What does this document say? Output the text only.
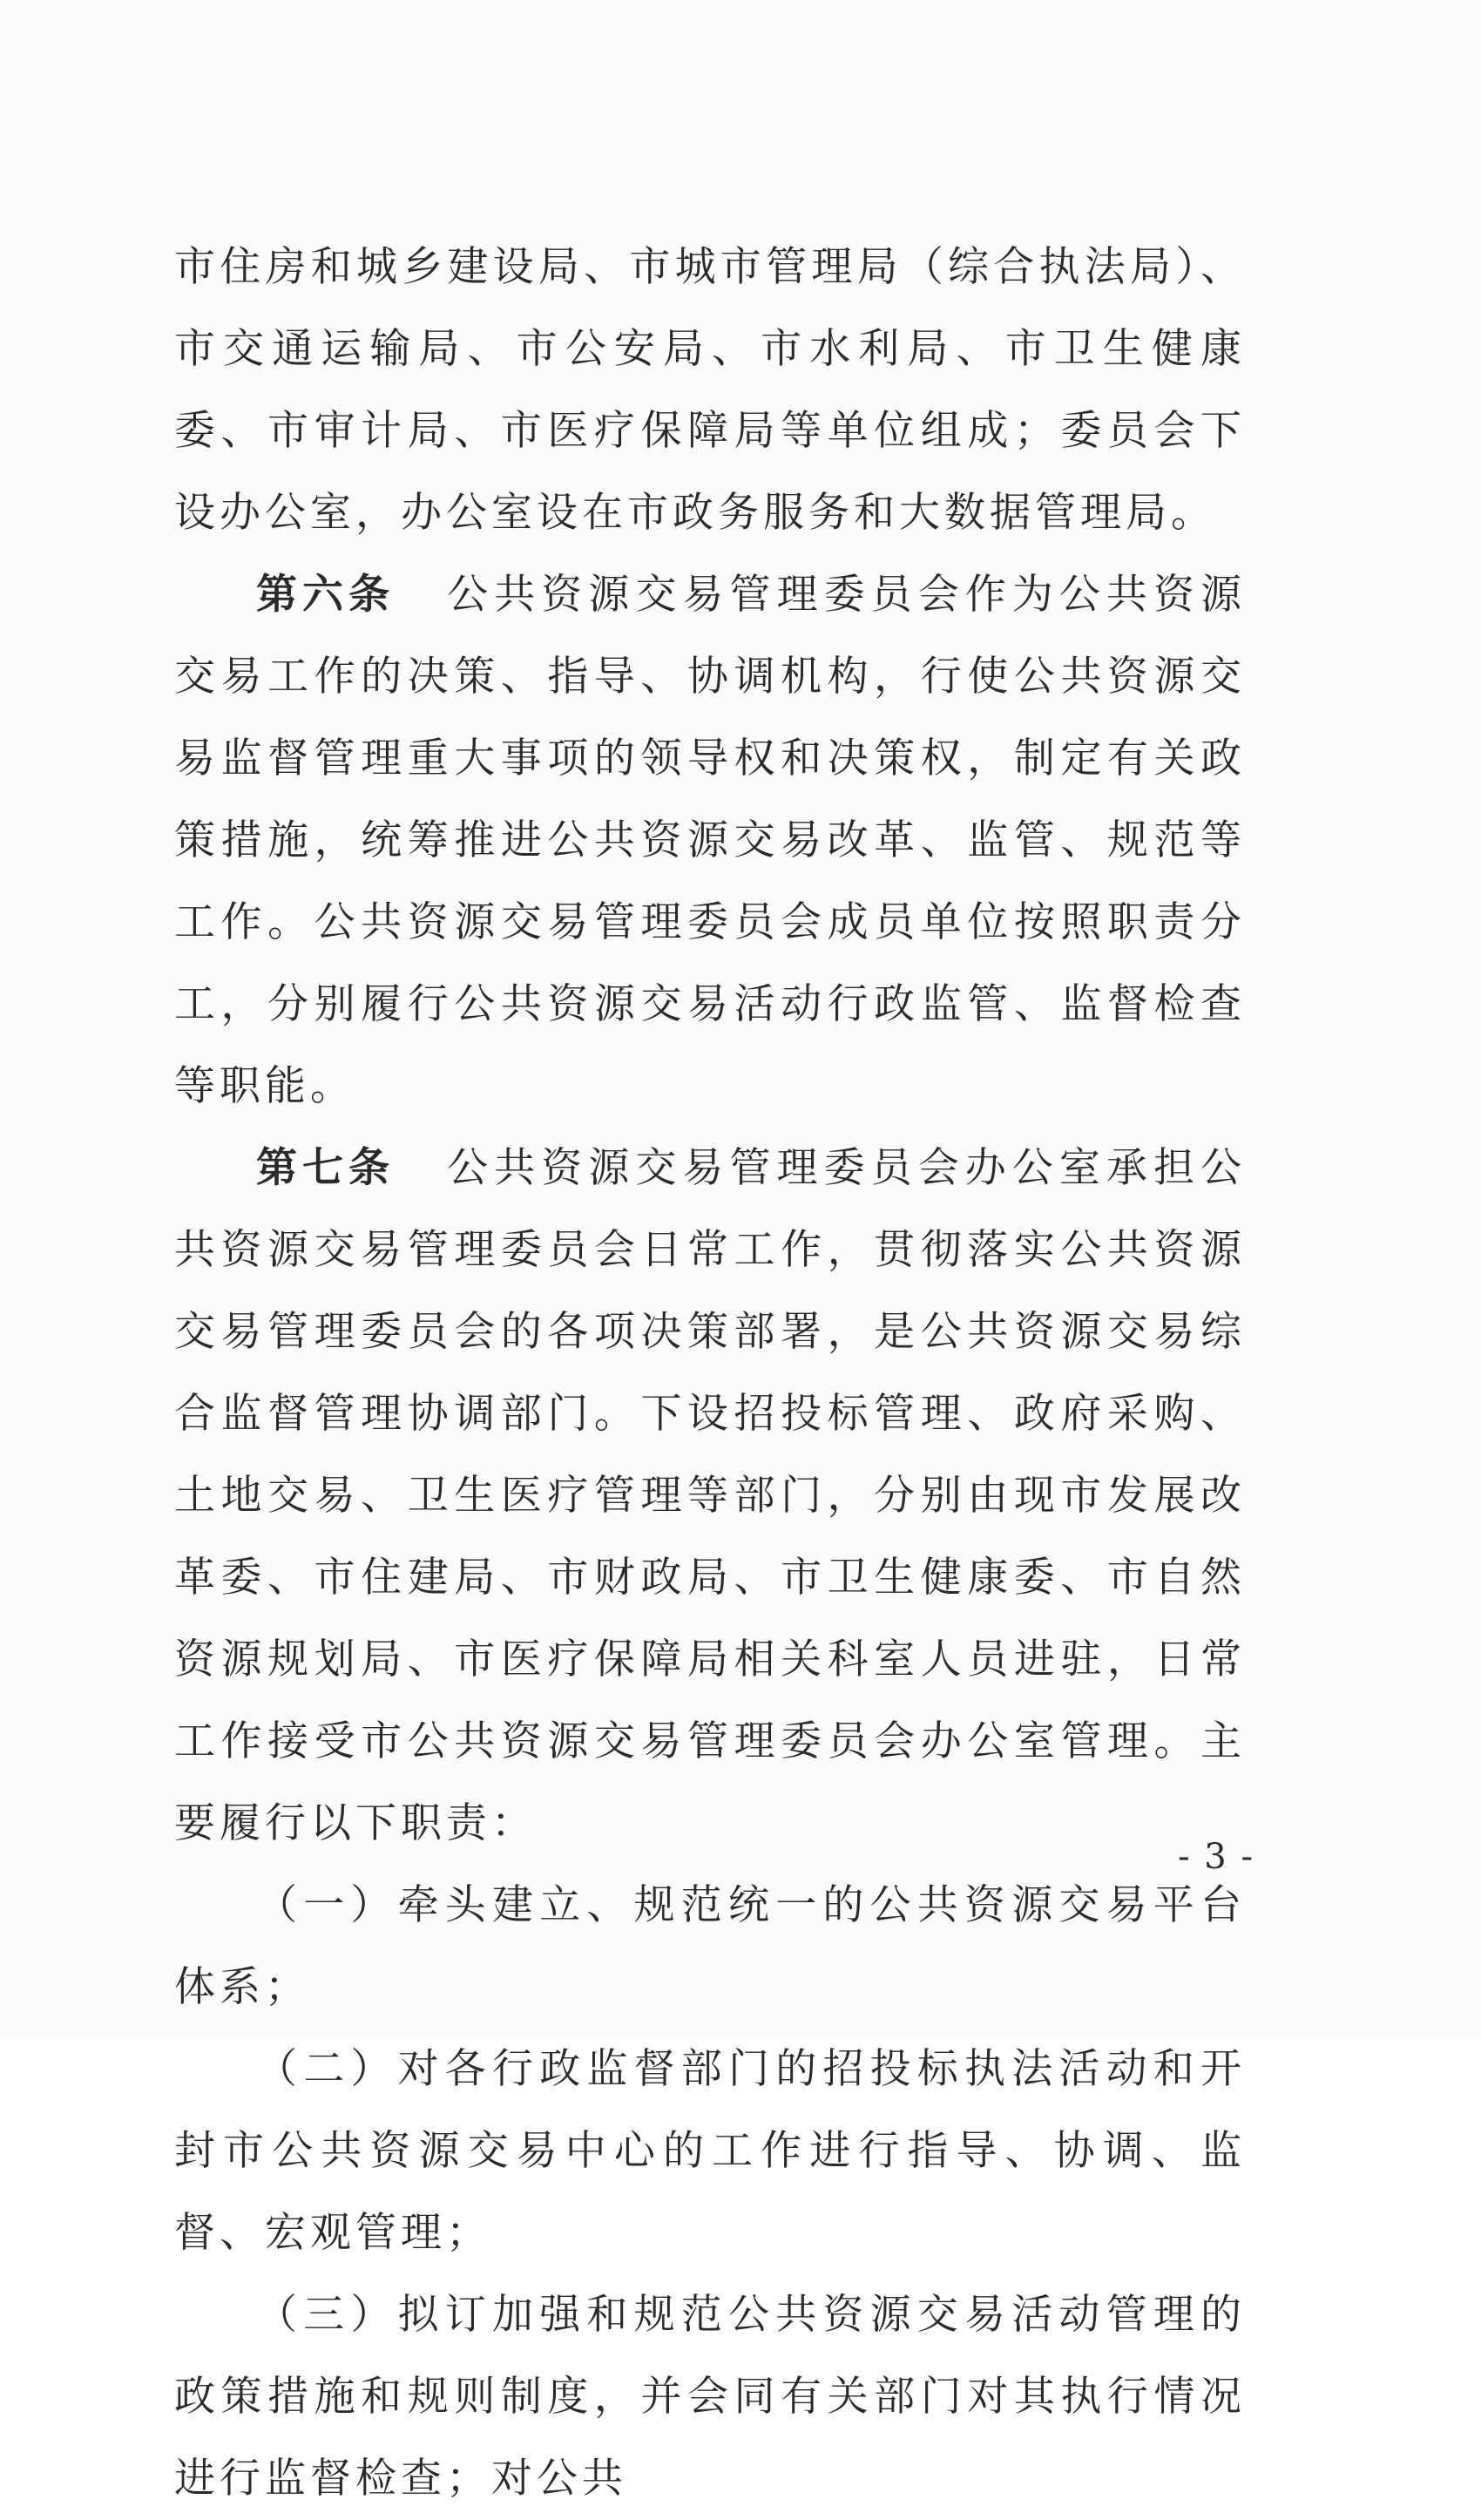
市住房和城乡建设局、市城市管理局（综合执法局）、市交通运输局、市公安局、市水利局、市卫生健康委、市审计局、市医疗保障局等单位组成；委员会下设办公室，办公室设在市政务服务和大数据管理局。

第六条 公共资源交易管理委员会作为公共资源交易工作的决策、指导、协调机构，行使公共资源交易监督管理重大事项的领导权和决策权，制定有关政策措施，统筹推进公共资源交易改革、监管、规范等工作。公共资源交易管理委员会成员单位按照职责分工，分别履行公共资源交易活动行政监管、监督检查等职能。

第七条 公共资源交易管理委员会办公室承担公共资源交易管理委员会日常工作，贯彻落实公共资源交易管理委员会的各项决策部署，是公共资源交易综合监督管理协调部门。下设招投标管理、政府采购、土地交易、卫生医疗管理等部门，分别由现市发展改革委、市住建局、市财政局、市卫生健康委、市自然资源规划局、市医疗保障局相关科室人员进驻，日常工作接受市公共资源交易管理委员会办公室管理。主要履行以下职责：

（一）牵头建立、规范统一的公共资源交易平台体系；

（二）对各行政监督部门的招投标执法活动和开封市公共资源交易中心的工作进行指导、协调、监督、宏观管理；

（三）拟订加强和规范公共资源交易活动管理的政策措施和规则制度，并会同有关部门对其执行情况进行监督检查；对公共

- 3 -
